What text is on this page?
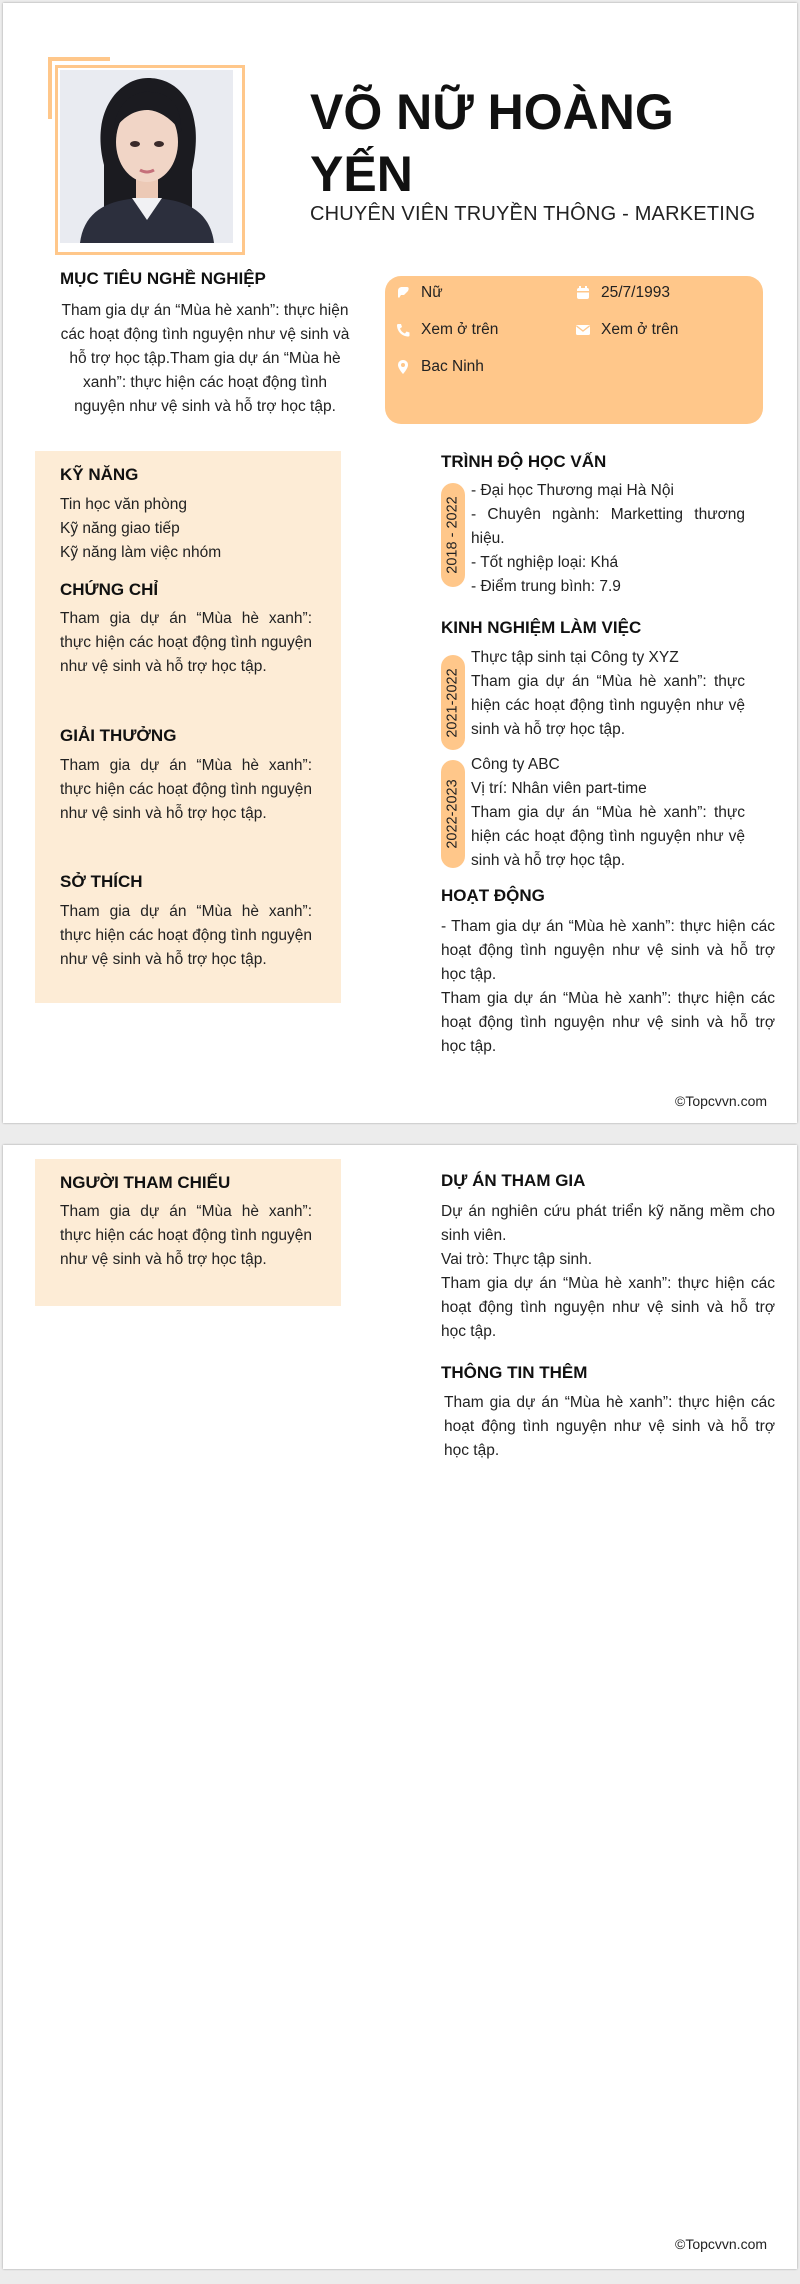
VÕ NỮ HOÀNG YẾN
CHUYÊN VIÊN TRUYỀN THÔNG - MARKETING
MỤC TIÊU NGHỀ NGHIỆP
Tham gia dự án “Mùa hè xanh”: thực hiện các hoạt động tình nguyện như vệ sinh và hỗ trợ học tập.Tham gia dự án “Mùa hè xanh”: thực hiện các hoạt động tình nguyện như vệ sinh và hỗ trợ học tập.
Nữ	25/7/1993
Xem ở trên	Xem ở trên
Bac Ninh
KỸ NĂNG
Tin học văn phòng
Kỹ năng giao tiếp
Kỹ năng làm việc nhóm
CHỨNG CHỈ
Tham gia dự án “Mùa hè xanh”: thực hiện các hoạt động tình nguyện như vệ sinh và hỗ trợ học tập.
GIẢI THƯỞNG
Tham gia dự án “Mùa hè xanh”: thực hiện các hoạt động tình nguyện như vệ sinh và hỗ trợ học tập.
SỞ THÍCH
Tham gia dự án “Mùa hè xanh”: thực hiện các hoạt động tình nguyện như vệ sinh và hỗ trợ học tập.
TRÌNH ĐỘ HỌC VẤN
2018 - 2022
- Đại học Thương mại Hà Nội
- Chuyên ngành: Marketting thương hiệu.
- Tốt nghiệp loại: Khá
- Điểm trung bình: 7.9
KINH NGHIỆM LÀM VIỆC
2021-2022
Thực tập sinh tại Công ty XYZ
Tham gia dự án “Mùa hè xanh”: thực hiện các hoạt động tình nguyện như vệ sinh và hỗ trợ học tập.
2022-2023
Công ty ABC
Vị trí: Nhân viên part-time
Tham gia dự án “Mùa hè xanh”: thực hiện các hoạt động tình nguyện như vệ sinh và hỗ trợ học tập.
HOẠT ĐỘNG
- Tham gia dự án “Mùa hè xanh”: thực hiện các hoạt động tình nguyện như vệ sinh và hỗ trợ học tập.
Tham gia dự án “Mùa hè xanh”: thực hiện các hoạt động tình nguyện như vệ sinh và hỗ trợ học tập.
©Topcvvn.com
NGƯỜI THAM CHIẾU
Tham gia dự án “Mùa hè xanh”: thực hiện các hoạt động tình nguyện như vệ sinh và hỗ trợ học tập.
DỰ ÁN THAM GIA
Dự án nghiên cứu phát triển kỹ năng mềm cho sinh viên.
Vai trò: Thực tập sinh.
Tham gia dự án “Mùa hè xanh”: thực hiện các hoạt động tình nguyện như vệ sinh và hỗ trợ học tập.
THÔNG TIN THÊM
Tham gia dự án “Mùa hè xanh”: thực hiện các hoạt động tình nguyện như vệ sinh và hỗ trợ học tập.
©Topcvvn.com
